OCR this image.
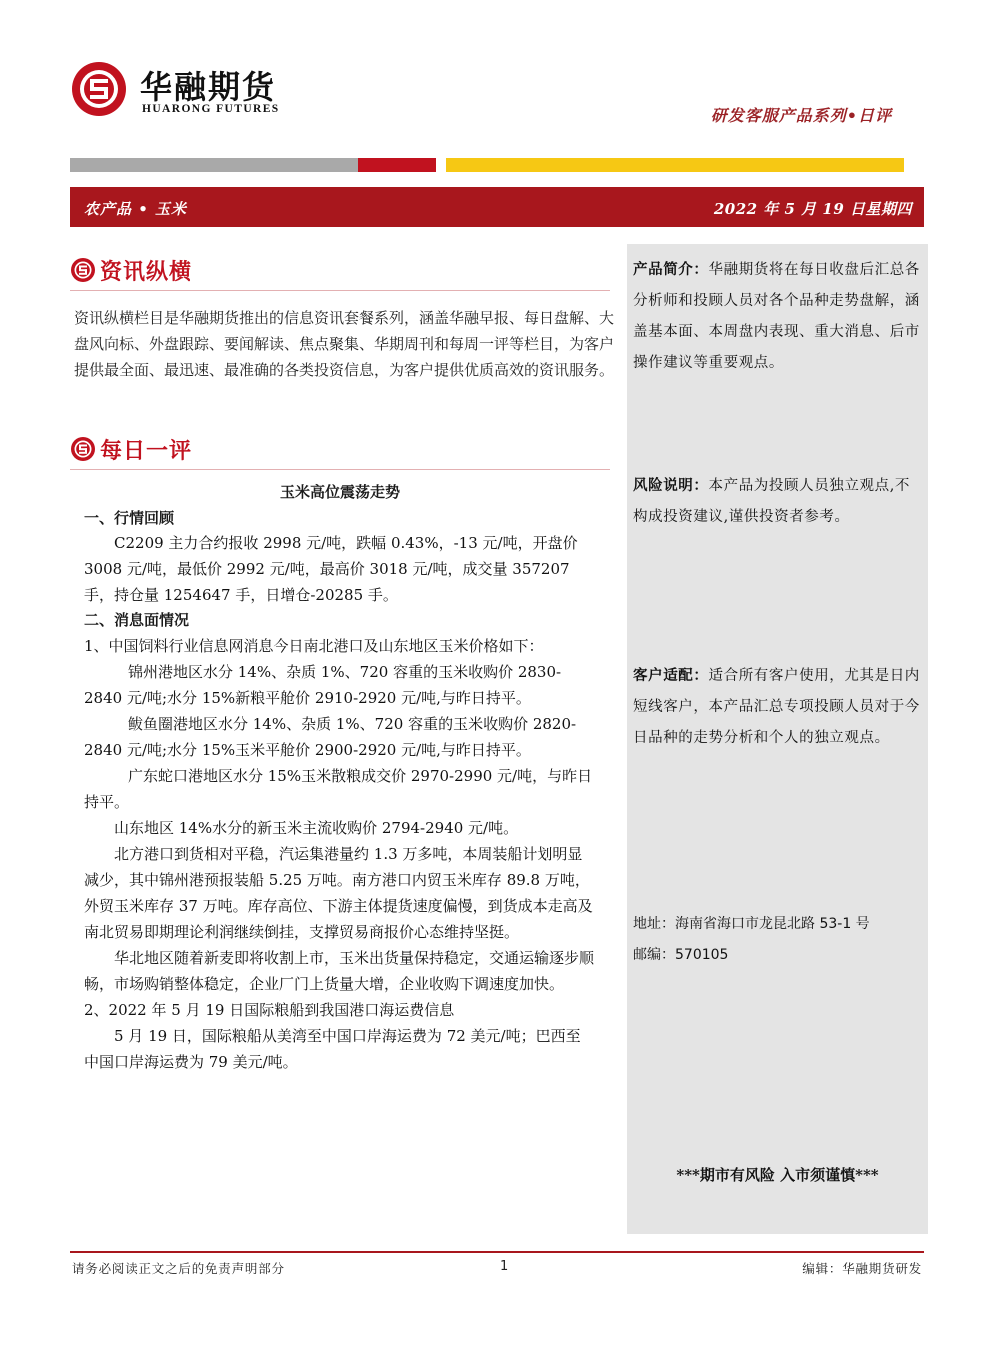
华融期货
HUARONG FUTURES	研发客服产品系列•日评
农产品 • 玉米	2022 年 5 月 19 日星期四
资讯纵横
资讯纵横栏目是华融期货推出的信息资讯套餐系列，涵盖华融早报、每日盘解、大盘风向标、外盘跟踪、要闻解读、焦点聚集、华期周刊和每周一评等栏目，为客户提供最全面、最迅速、最准确的各类投资信息，为客户提供优质高效的资讯服务。
每日一评
玉米高位震荡走势
一、行情回顾

C2209 主力合约报收 2998 元/吨，跌幅 0.43%，-13 元/吨，开盘价 3008 元/吨，最低价 2992 元/吨，最高价 3018 元/吨，成交量 357207 手，持仓量 1254647 手，日增仓-20285 手。

二、消息面情况

1、中国饲料行业信息网消息今日南北港口及山东地区玉米价格如下：

锦州港地区水分 14%、杂质 1%、720 容重的玉米收购价 2830-2840 元/吨;水分 15%新粮平舱价 2910-2920 元/吨,与昨日持平。

鲅鱼圈港地区水分 14%、杂质 1%、720 容重的玉米收购价 2820-2840 元/吨;水分 15%玉米平舱价 2900-2920 元/吨,与昨日持平。

广东蛇口港地区水分 15%玉米散粮成交价 2970-2990 元/吨，与昨日持平。

山东地区 14%水分的新玉米主流收购价 2794-2940 元/吨。

北方港口到货相对平稳，汽运集港量约 1.3 万多吨，本周装船计划明显减少，其中锦州港预报装船 5.25 万吨。南方港口内贸玉米库存 89.8 万吨，外贸玉米库存 37 万吨。库存高位、下游主体提货速度偏慢，到货成本走高及南北贸易即期理论利润继续倒挂，支撑贸易商报价心态维持坚挺。

华北地区随着新麦即将收割上市，玉米出货量保持稳定，交通运输逐步顺畅，市场购销整体稳定，企业厂门上货量大增，企业收购下调速度加快。

2、2022 年 5 月 19 日国际粮船到我国港口海运费信息

5 月 19 日，国际粮船从美湾至中国口岸海运费为 72 美元/吨；巴西至中国口岸海运费为 79 美元/吨。

产品简介：华融期货将在每日收盘后汇总各分析师和投顾人员对各个品种走势盘解，涵盖基本面、本周盘内表现、重大消息、后市操作建议等重要观点。
风险说明：本产品为投顾人员独立观点,不构成投资建议,谨供投资者参考。
客户适配：适合所有客户使用，尤其是日内短线客户，本产品汇总专项投顾人员对于今日品种的走势分析和个人的独立观点。
地址：海南省海口市龙昆北路 53-1 号
邮编：570105
***期市有风险 入市须谨慎***
请务必阅读正文之后的免责声明部分	1	编辑：华融期货研发
